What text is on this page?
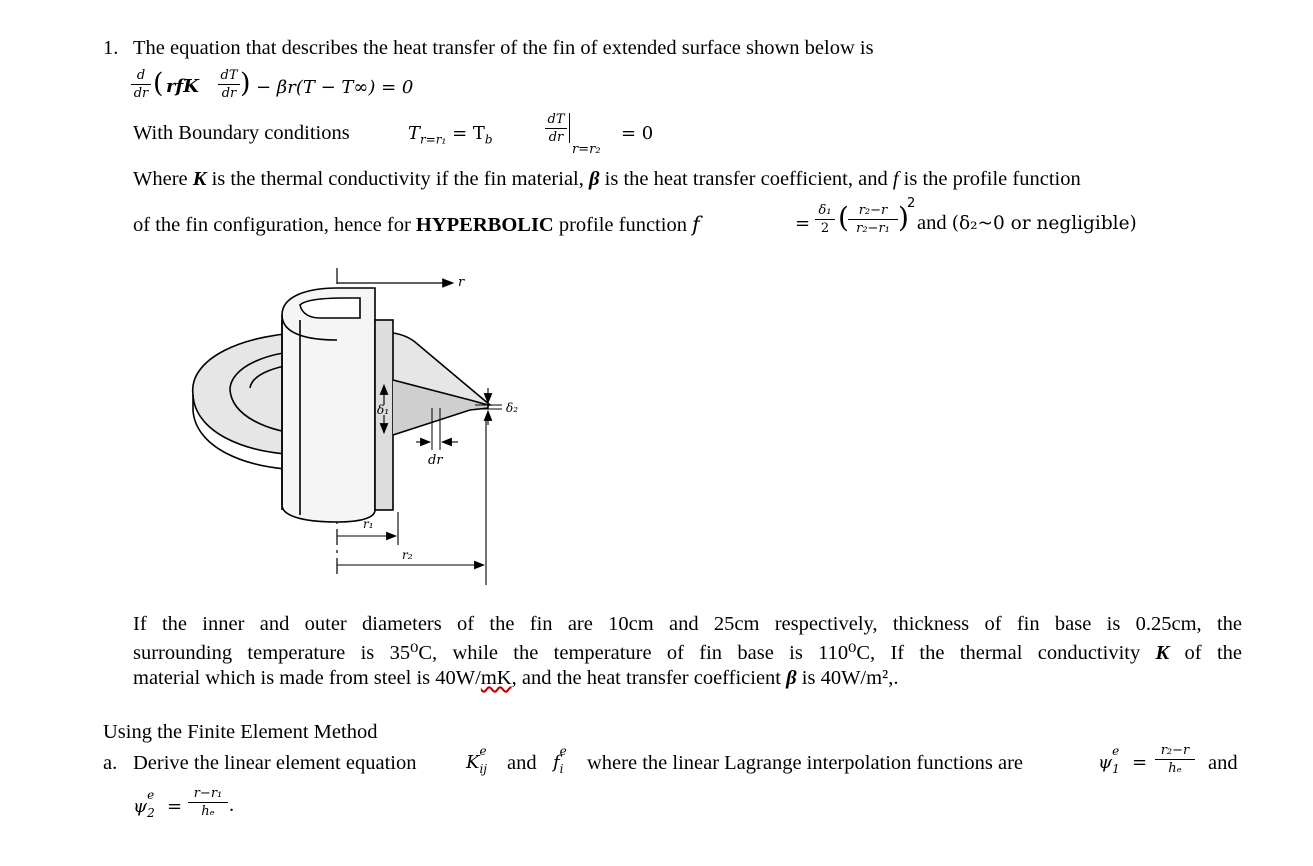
1. The equation that describes the heat transfer of the fin of extended surface shown below is
d
dr ( rfK
dT
dr ) − βr(T − T∞) = 0
With Boundary conditions	$T_{r=r_1} = T_b$
dT
dr
r=r₂
= 0
Where K is the thermal conductivity if the fin material, β is the heat transfer coefficient, and f is the profile function
of the fin configuration, hence for HYPERBOLIC profile function f	=
δ₁
2 ( r₂−r
r₂−r₁ )
2
and (δ₂~0 or negligible)
r
δ₁	δ₂
dr
r₁
r₂
If the inner and outer diameters of the fin are 10cm and 25cm respectively, thickness of fin base is 0.25cm, the
surrounding temperature is 35⁰C, while the temperature of fin base is 110⁰C, If the thermal conductivity K of the
material which is made from steel is 40W/mK, and the heat transfer coefficient β is 40W/m²,.
Using the Finite Element Method
a. Derive the linear element equation	K
e
ij and f
e
i where the linear Lagrange interpolation functions are	ψ
e
1 =
r₂−r
hₑ	and
ψ
e
2 =
r−r₁
hₑ .
